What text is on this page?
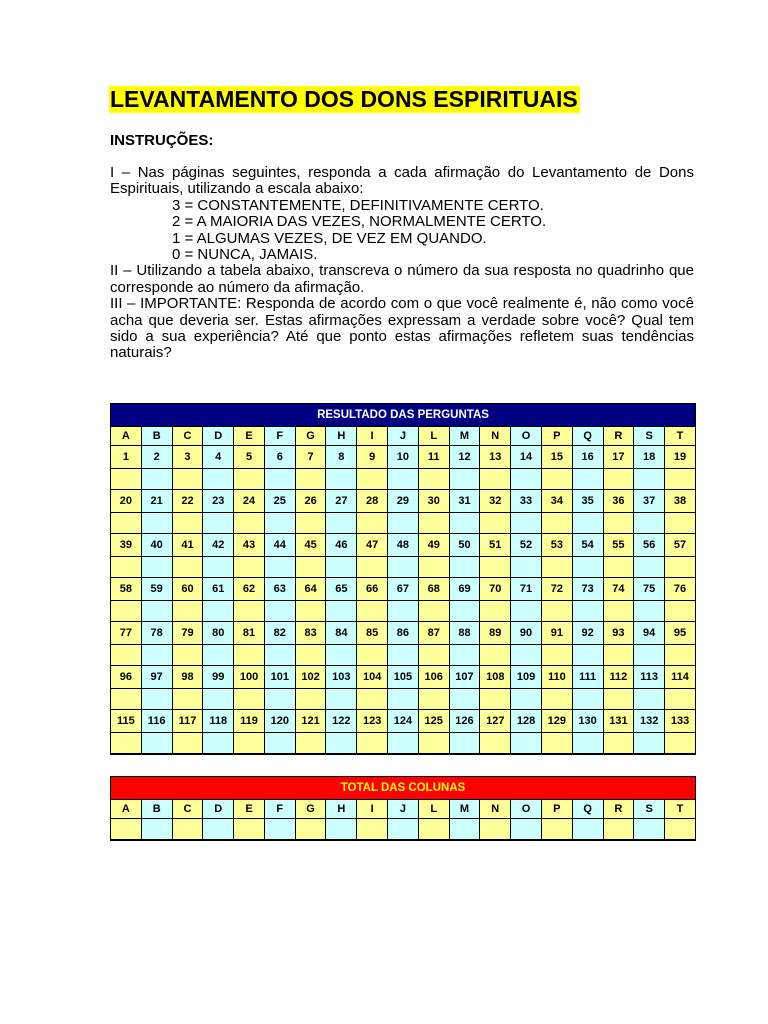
LEVANTAMENTO DOS DONS ESPIRITUAIS
INSTRUÇÕES:

I – Nas páginas seguintes, responda a cada afirmação do Levantamento de Dons Espirituais, utilizando a escala abaixo:

3 = CONSTANTEMENTE, DEFINITIVAMENTE CERTO.

2 = A MAIORIA DAS VEZES, NORMALMENTE CERTO.

1 = ALGUMAS VEZES, DE VEZ EM QUANDO.

0 = NUNCA, JAMAIS.

II – Utilizando a tabela abaixo, transcreva o número da sua resposta no quadrinho que corresponde ao número da afirmação.

III – IMPORTANTE: Responda de acordo com o que você realmente é, não como você acha que deveria ser. Estas afirmações expressam a verdade sobre você? Qual tem sido a sua experiência? Até que ponto estas afirmações refletem suas tendências naturais?

RESULTADO DAS PERGUNTAS																		
A	B	C	D	E	F	G	H	I	J	L	M	N	O	P	Q	R	S	T
1	2	3	4	5	6	7	8	9	10	11	12	13	14	15	16	17	18	19

20	21	22	23	24	25	26	27	28	29	30	31	32	33	34	35	36	37	38

39	40	41	42	43	44	45	46	47	48	49	50	51	52	53	54	55	56	57

58	59	60	61	62	63	64	65	66	67	68	69	70	71	72	73	74	75	76

77	78	79	80	81	82	83	84	85	86	87	88	89	90	91	92	93	94	95

96	97	98	99	100	101	102	103	104	105	106	107	108	109	110	111	112	113	114

115	116	117	118	119	120	121	122	123	124	125	126	127	128	129	130	131	132	133

TOTAL DAS COLUNAS																		
A	B	C	D	E	F	G	H	I	J	L	M	N	O	P	Q	R	S	T
